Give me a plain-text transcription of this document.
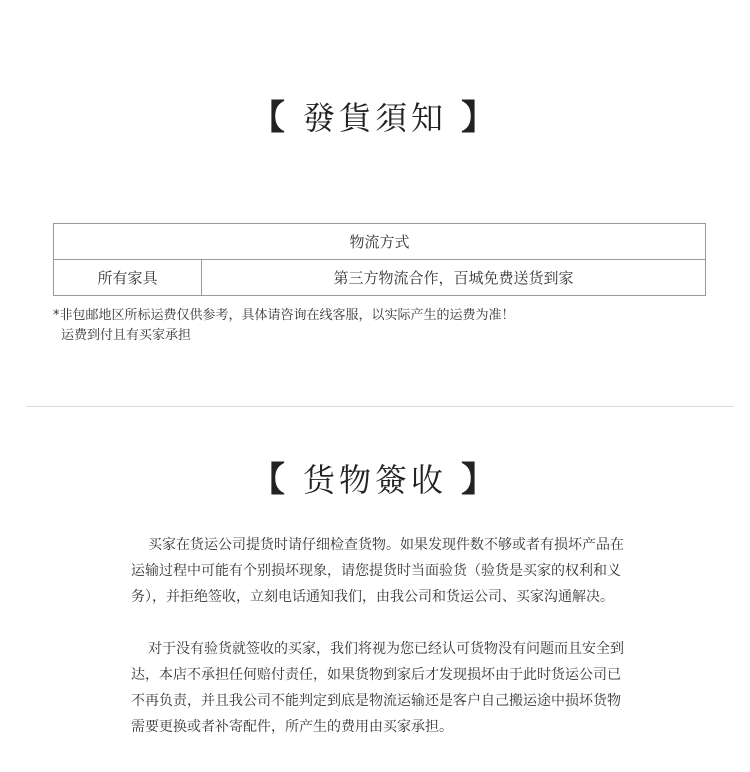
【 發貨須知 】
物流方式
所有家具	第三方物流合作，百城免费送货到家
*非包邮地区所标运费仅供参考，具体请咨询在线客服，以实际产生的运费为准！
运费到付且有买家承担
【 货物簽收 】

买家在货运公司提货时请仔细检查货物。如果发现件数不够或者有损坏产品在
运输过程中可能有个别损坏现象，请您提货时当面验货（验货是买家的权利和义
务），并拒绝签收，立刻电话通知我们，由我公司和货运公司、买家沟通解决。

对于没有验货就签收的买家，我们将视为您已经认可货物没有问题而且安全到
达，本店不承担任何赔付责任，如果货物到家后才发现损坏由于此时货运公司已
不再负责，并且我公司不能判定到底是物流运输还是客户自己搬运途中损坏货物
需要更换或者补寄配件，所产生的费用由买家承担。
